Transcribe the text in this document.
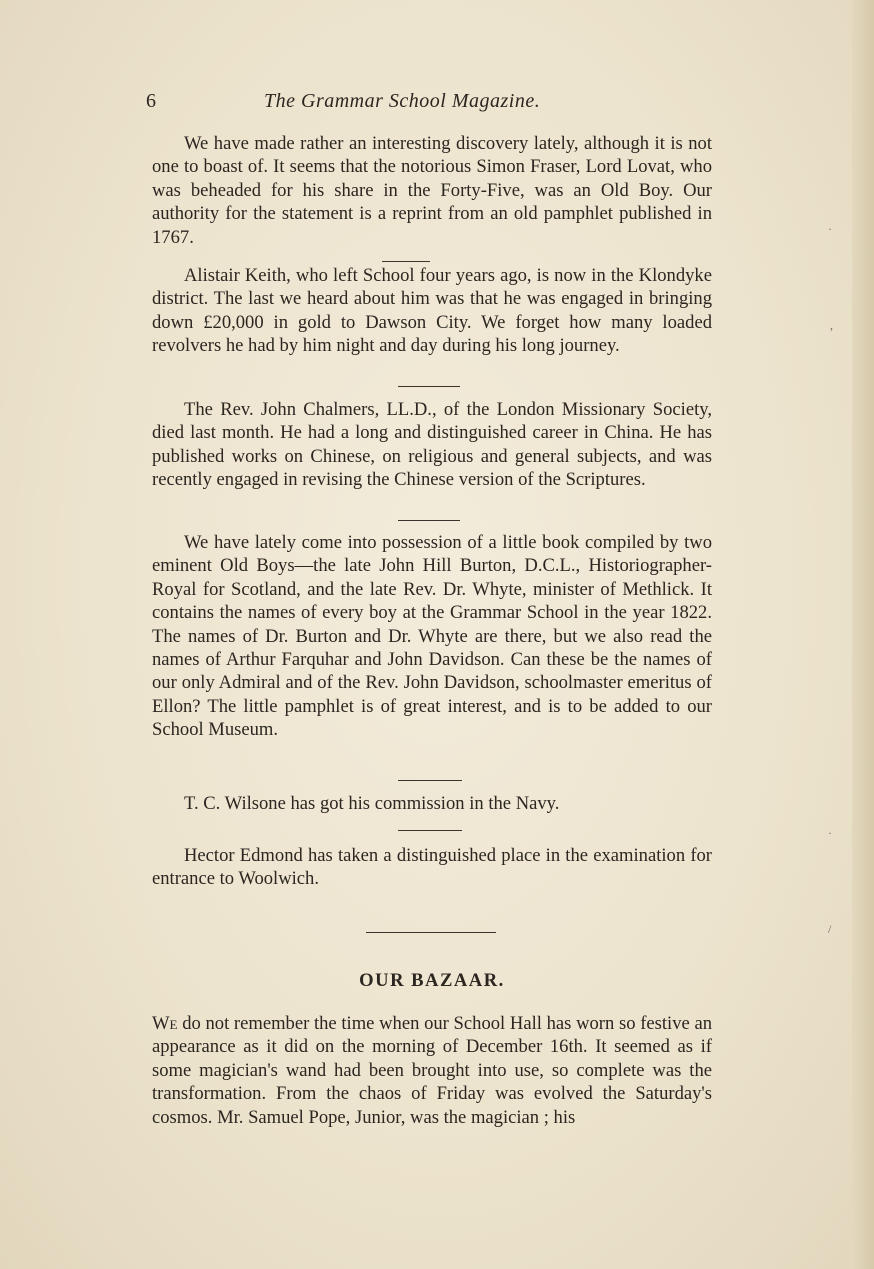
6	The Grammar School Magazine.

We have made rather an interesting discovery lately, although it is not one to boast of. It seems that the notorious Simon Fraser, Lord Lovat, who was beheaded for his share in the Forty-Five, was an Old Boy. Our authority for the statement is a reprint from an old pamphlet published in 1767.

Alistair Keith, who left School four years ago, is now in the Klondyke district. The last we heard about him was that he was engaged in bringing down £20,000 in gold to Dawson City. We forget how many loaded revolvers he had by him night and day during his long journey.

The Rev. John Chalmers, LL.D., of the London Missionary Society, died last month. He had a long and distinguished career in China. He has published works on Chinese, on religious and general subjects, and was recently engaged in revising the Chinese version of the Scriptures.

We have lately come into possession of a little book compiled by two eminent Old Boys—the late John Hill Burton, D.C.L., Historiographer-Royal for Scotland, and the late Rev. Dr. Whyte, minister of Methlick. It contains the names of every boy at the Grammar School in the year 1822. The names of Dr. Burton and Dr. Whyte are there, but we also read the names of Arthur Farquhar and John Davidson. Can these be the names of our only Admiral and of the Rev. John Davidson, schoolmaster emeritus of Ellon? The little pamphlet is of great interest, and is to be added to our School Museum.

T. C. Wilsone has got his commission in the Navy.

Hector Edmond has taken a distinguished place in the examination for entrance to Woolwich.

OUR BAZAAR.

We do not remember the time when our School Hall has worn so festive an appearance as it did on the morning of December 16th. It seemed as if some magician's wand had been brought into use, so complete was the transformation. From the chaos of Friday was evolved the Saturday's cosmos. Mr. Samuel Pope, Junior, was the magician ; his

·
,
·
/
